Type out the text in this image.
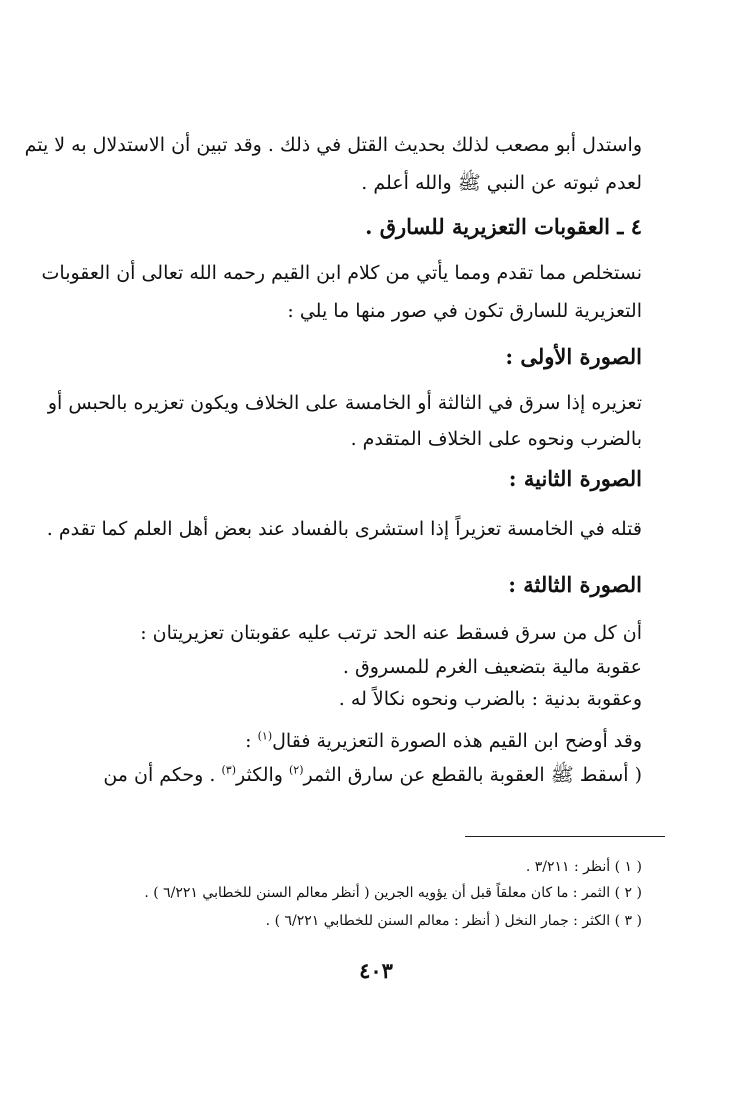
واستدل أبو مصعب لذلك بحديث القتل في ذلك . وقد تبين أن الاستدلال به لا يتم

لعدم ثبوته عن النبي ﷺ والله أعلم .

٤ ـ العقوبات التعزيرية للسارق .

نستخلص مما تقدم ومما يأتي من كلام ابن القيم رحمه الله تعالى أن العقوبات

التعزيرية للسارق تكون في صور منها ما يلي :

الصورة الأولى :

تعزيره إذا سرق في الثالثة أو الخامسة على الخلاف ويكون تعزيره بالحبس أو

بالضرب ونحوه على الخلاف المتقدم .

الصورة الثانية :

قتله في الخامسة تعزيراً إذا استشرى بالفساد عند بعض أهل العلم كما تقدم .

الصورة الثالثة :

أن كل من سرق فسقط عنه الحد ترتب عليه عقوبتان تعزيريتان :

عقوبة مالية بتضعيف الغرم للمسروق .

وعقوبة بدنية : بالضرب ونحوه نكالاً له .

وقد أوضح ابن القيم هذه الصورة التعزيرية فقال$^{(١)}$ :

( أسقط ﷺ العقوبة بالقطع عن سارق الثمر$^{(٢)}$ والكثر$^{(٣)}$ . وحكم أن من

( ١ ) أنظر : ٣/٢١١ .

( ٢ ) الثمر : ما كان معلقاً قبل أن يؤويه الجرين ( أنظر معالم السنن للخطابي ٦/٢٢١ ) .

( ٣ ) الكثر : جمار النخل ( أنظر : معالم السنن للخطابي ٦/٢٢١ ) .

٤٠٣
